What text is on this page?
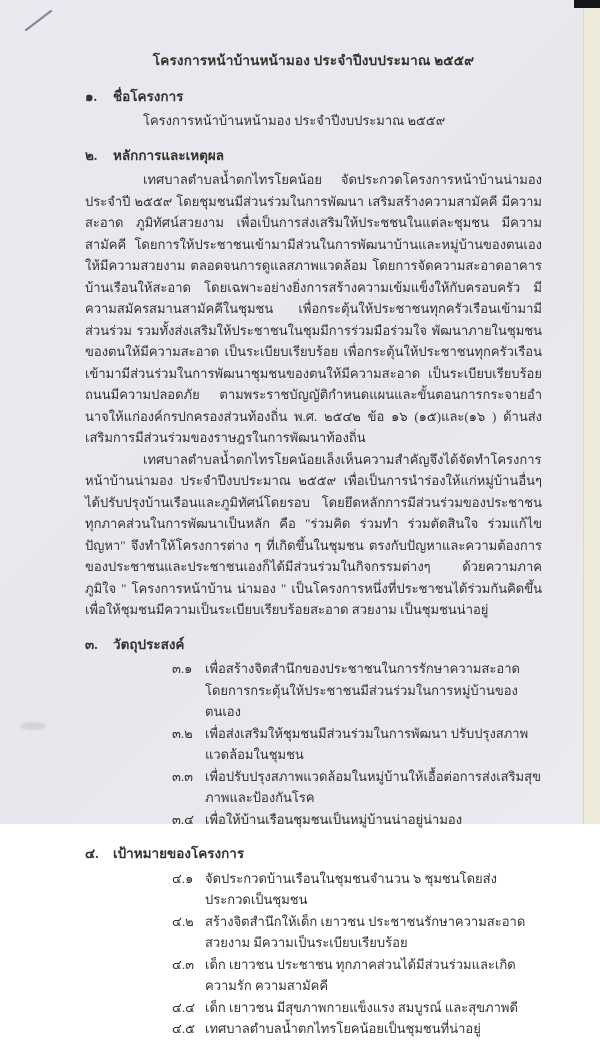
โครงการหน้าบ้านหน้ามอง ประจำปีงบประมาณ ๒๕๕๙
๑.	ชื่อโครงการ
โครงการหน้าบ้านหน้ามอง ประจำปีงบประมาณ ๒๕๕๙
๒.	หลักการและเหตุผล

เทศบาลตำบลน้ำตกไทรโยคน้อย จัดประกวดโครงการหน้าบ้านน่ามอง ประจำปี ๒๕๕๙ โดยชุมชนมีส่วนร่วมในการพัฒนา เสริมสร้างความสามัคคี มีความสะอาด ภูมิทัศน์สวยงาม เพื่อเป็นการส่งเสริมให้ประชชนในแต่ละชุมชน มีความสามัคคี โดยการให้ประชาชนเข้ามามีส่วนในการพัฒนาบ้านและหมู่บ้านของตนเองให้มีความสวยงาม ตลอดจนการดูแลสภาพแวดล้อม โดยการจัดความสะอาดอาคารบ้านเรือนให้สะอาด โดยเฉพาะอย่างยิ่งการสร้างความเข้มแข็งให้กับครอบครัว มีความสมัครสมานสามัคคีในชุมชน เพื่อกระตุ้นให้ประชาชนทุกครัวเรือนเข้ามามีส่วนร่วม รวมทั้งส่งเสริมให้ประชาชนในชุมมีการร่วมมือร่วมใจ พัฒนาภายในชุมชนของตนให้มีความสะอาด เป็นระเบียบเรียบร้อย เพื่อกระตุ้นให้ประชาชนทุกครัวเรือนเข้ามามีส่วนร่วมในการพัฒนาชุมชนของตนให้มีความสะอาด เป็นระเบียบเรียบร้อย ถนนมีความปลอดภัย ตามพระราชบัญญัติกำหนดแผนและขั้นตอนการกระจายอำนาจให้แก่องค์กรปกครองส่วนท้องถิ่น พ.ศ. ๒๕๔๒ ข้อ ๑๖ (๑๕)และ(๑๖ ) ด้านส่งเสริมการมีส่วนร่วมของราษฎรในการพัฒนาท้องถิ่น

เทศบาลตำบลน้ำตกไทรโยคน้อยเล็งเห็นความสำคัญจึงได้จัดทำโครงการหน้าบ้านน่ามอง ประจำปีงบประมาณ ๒๕๕๙ เพื่อเป็นการนำร่องให้แก่หมู่บ้านอื่นๆได้ปรับปรุงบ้านเรือนและภูมิทัศน์โดยรอบ โดยยึดหลักการมีส่วนร่วมของประชาชนทุกภาคส่วนในการพัฒนาเป็นหลัก คือ "ร่วมคิด ร่วมทำ ร่วมตัดสินใจ ร่วมแก้ไขปัญหา" จึงทำให้โครงการต่าง ๆ ที่เกิดขึ้นในชุมชน ตรงกับปัญหาและความต้องการของประชาชนและประชาชนเองก็ได้มีส่วนร่วมในกิจกรรมต่างๆ ด้วยความภาคภูมิใจ " โครงการหน้าบ้าน น่ามอง " เป็นโครงการหนึ่งที่ประชาชนได้ร่วมกันคิดขึ้น เพื่อให้ชุมชนมีความเป็นระเบียบเรียบร้อยสะอาด สวยงาม เป็นชุมชนน่าอยู่

๓.	วัตถุประสงค์
๓.๑ เพื่อสร้างจิตสำนึกของประชาชนในการรักษาความสะอาดโดยการกระตุ้นให้ประชาชนมีส่วนร่วมในการหมู่บ้านของตนเอง
๓.๒ เพื่อส่งเสริมให้ชุมชนมีส่วนร่วมในการพัฒนา ปรับปรุงสภาพแวดล้อมในชุมชน
๓.๓ เพื่อปรับปรุงสภาพแวดล้อมในหมู่บ้านให้เอื้อต่อการส่งเสริมสุขภาพและป้องกันโรค
๓.๔ เพื่อให้บ้านเรือนชุมชนเป็นหมู่บ้านน่าอยู่น่ามอง
๔.	เป้าหมายของโครงการ
๔.๑ จัดประกวดบ้านเรือนในชุมชนจำนวน ๖ ชุมชนโดยส่งประกวดเป็นชุมชน
๔.๒ สร้างจิตสำนึกให้เด็ก เยาวชน ประชาชนรักษาความสะอาด สวยงาม มีความเป็นระเบียบเรียบร้อย
๔.๓ เด็ก เยาวชน ประชาชน ทุกภาคส่วนได้มีส่วนร่วมและเกิดความรัก ความสามัคคี
๔.๔ เด็ก เยาวชน มีสุขภาพกายแข็งแรง สมบูรณ์ และสุขภาพดี
๔.๕ เทศบาลตำบลน้ำตกไทรโยคน้อยเป็นชุมชนที่น่าอยู่
